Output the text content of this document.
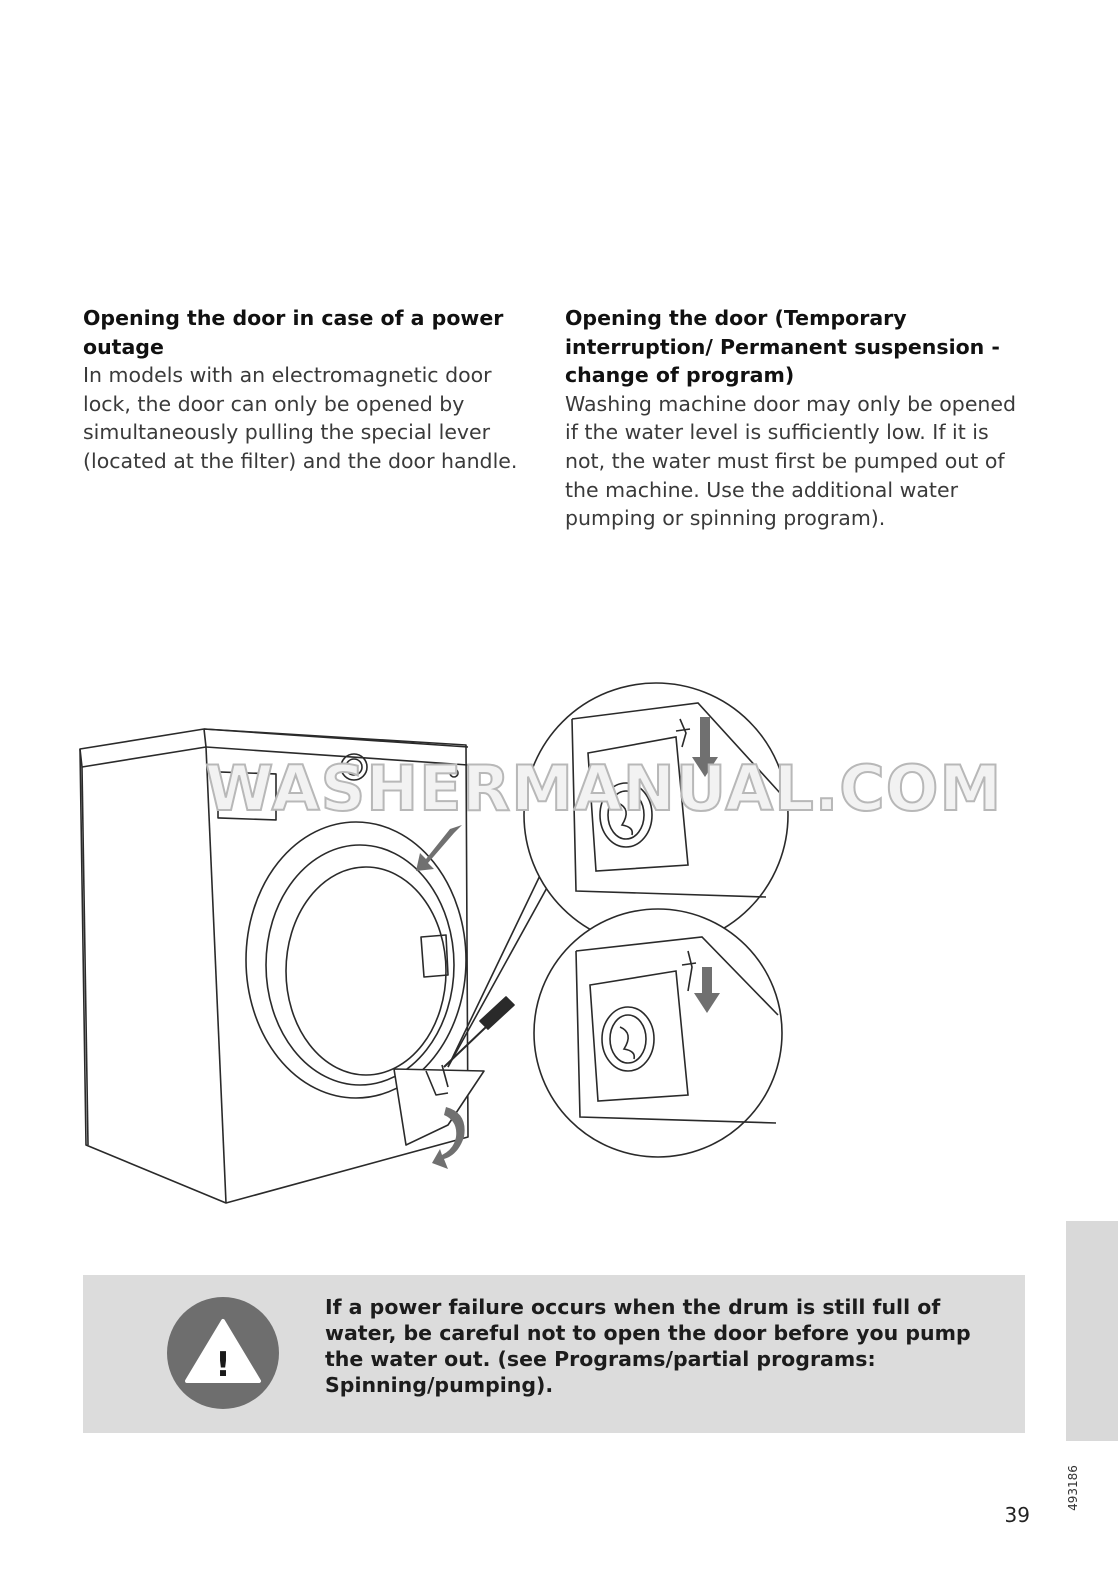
Opening the door in case of a power outage

In models with an electromagnetic door lock, the door can only be opened by simultaneously pulling the special lever (located at the filter) and the door handle.

Opening the door (Temporary interruption/ Permanent suspension - change of program)

Washing machine door may only be opened if the water level is sufficiently low. If it is not, the water must first be pumped out of the machine. Use the additional water pumping or spinning program).

WASHERMANUAL.COM
!

If a power failure occurs when the drum is still full of water, be careful not to open the door before you pump the water out. (see Programs/partial programs: Spinning/pumping).

493186
39
